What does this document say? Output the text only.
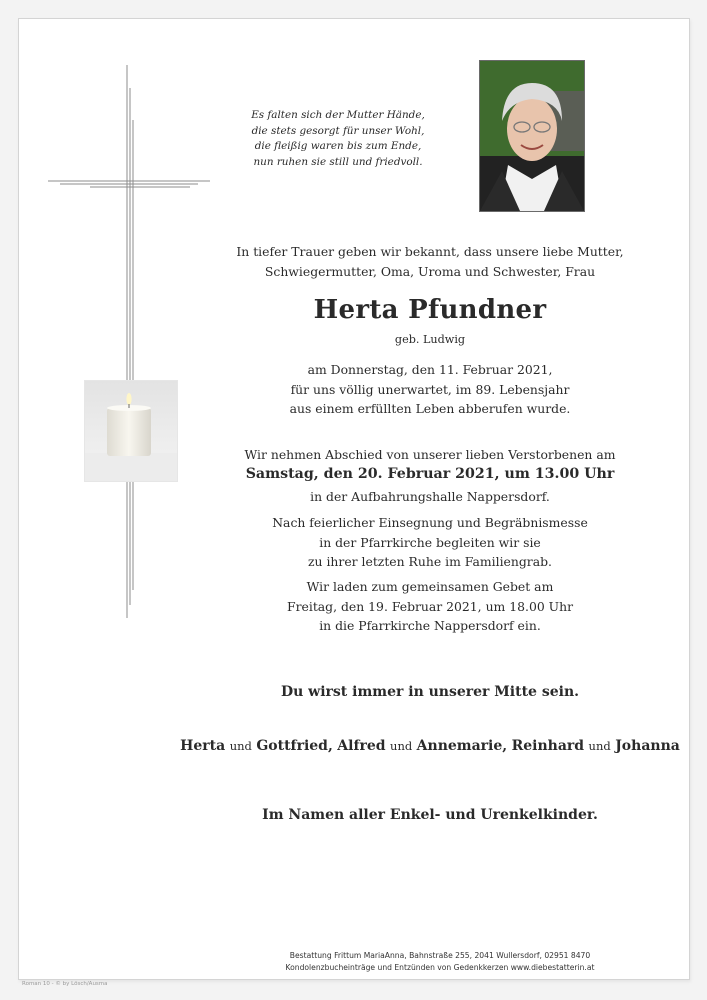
Es falten sich der Mutter Hände,
die stets gesorgt für unser Wohl,
die fleißig waren bis zum Ende,
nun ruhen sie still und friedvoll.
In tiefer Trauer geben wir bekannt, dass unsere liebe Mutter,
Schwiegermutter, Oma, Uroma und Schwester, Frau
Herta Pfundner
geb. Ludwig
am Donnerstag, den 11. Februar 2021,
für uns völlig unerwartet, im 89. Lebensjahr
aus einem erfüllten Leben abberufen wurde.
Wir nehmen Abschied von unserer lieben Verstorbenen am
Samstag, den 20. Februar 2021, um 13.00 Uhr
in der Aufbahrungshalle Nappersdorf.
Nach feierlicher Einsegnung und Begräbnismesse
in der Pfarrkirche begleiten wir sie
zu ihrer letzten Ruhe im Familiengrab.
Wir laden zum gemeinsamen Gebet am
Freitag, den 19. Februar 2021, um 18.00 Uhr
in die Pfarrkirche Nappersdorf ein.
Du wirst immer in unserer Mitte sein.
Herta und Gottfried, Alfred und Annemarie, Reinhard und Johanna
Im Namen aller Enkel- und Urenkelkinder.
Bestattung Frittum MariaAnna, Bahnstraße 255, 2041 Wullersdorf, 02951 8470
Kondolenzbucheinträge und Entzünden von Gedenkkerzen www.diebestatterin.at
Roman 10 - © by Lösch/Ausma
